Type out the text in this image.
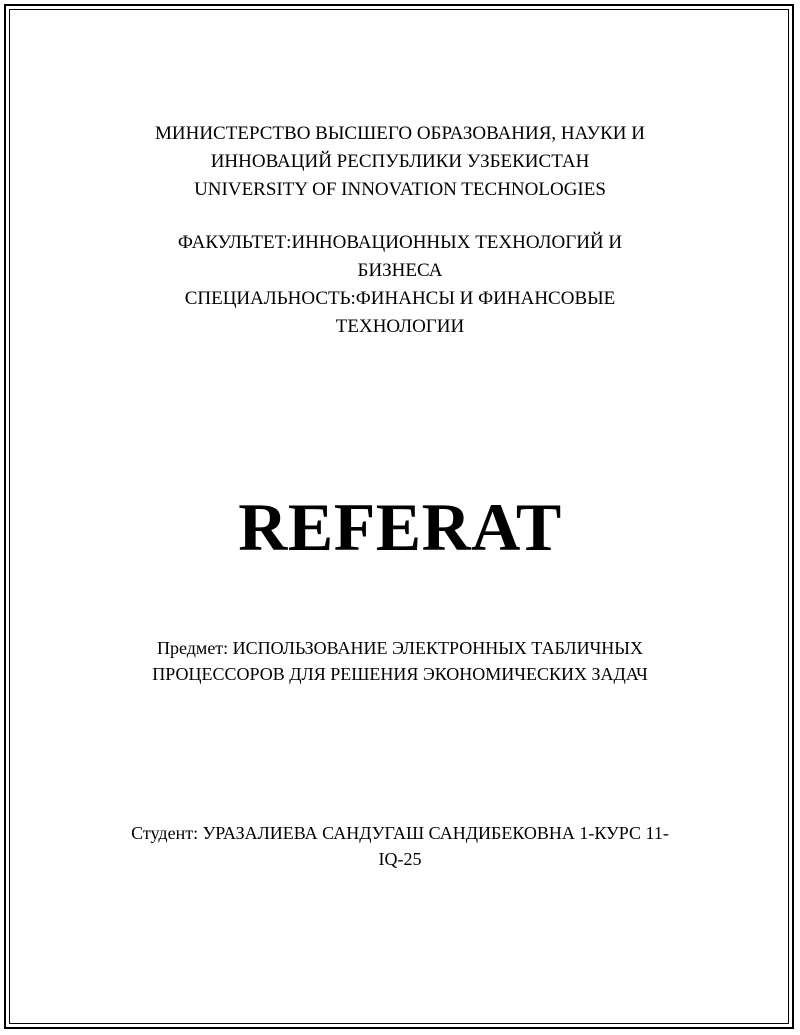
МИНИСТЕРСТВО ВЫСШЕГО ОБРАЗОВАНИЯ, НАУКИ И
ИННОВАЦИЙ РЕСПУБЛИКИ УЗБЕКИСТАН
UNIVERSITY OF INNOVATION TECHNOLOGIES
ФАКУЛЬТЕТ:ИННОВАЦИОННЫХ ТЕХНОЛОГИЙ И
БИЗНЕСА
СПЕЦИАЛЬНОСТЬ:ФИНАНСЫ И ФИНАНСОВЫЕ
ТЕХНОЛОГИИ
REFERAT
Предмет: ИСПОЛЬЗОВАНИЕ ЭЛЕКТРОННЫХ ТАБЛИЧНЫХ
ПРОЦЕССОРОВ ДЛЯ РЕШЕНИЯ ЭКОНОМИЧЕСКИХ ЗАДАЧ
Студент: УРАЗАЛИЕВА САНДУГАШ САНДИБЕКОВНА 1-КУРС 11-
IQ-25
